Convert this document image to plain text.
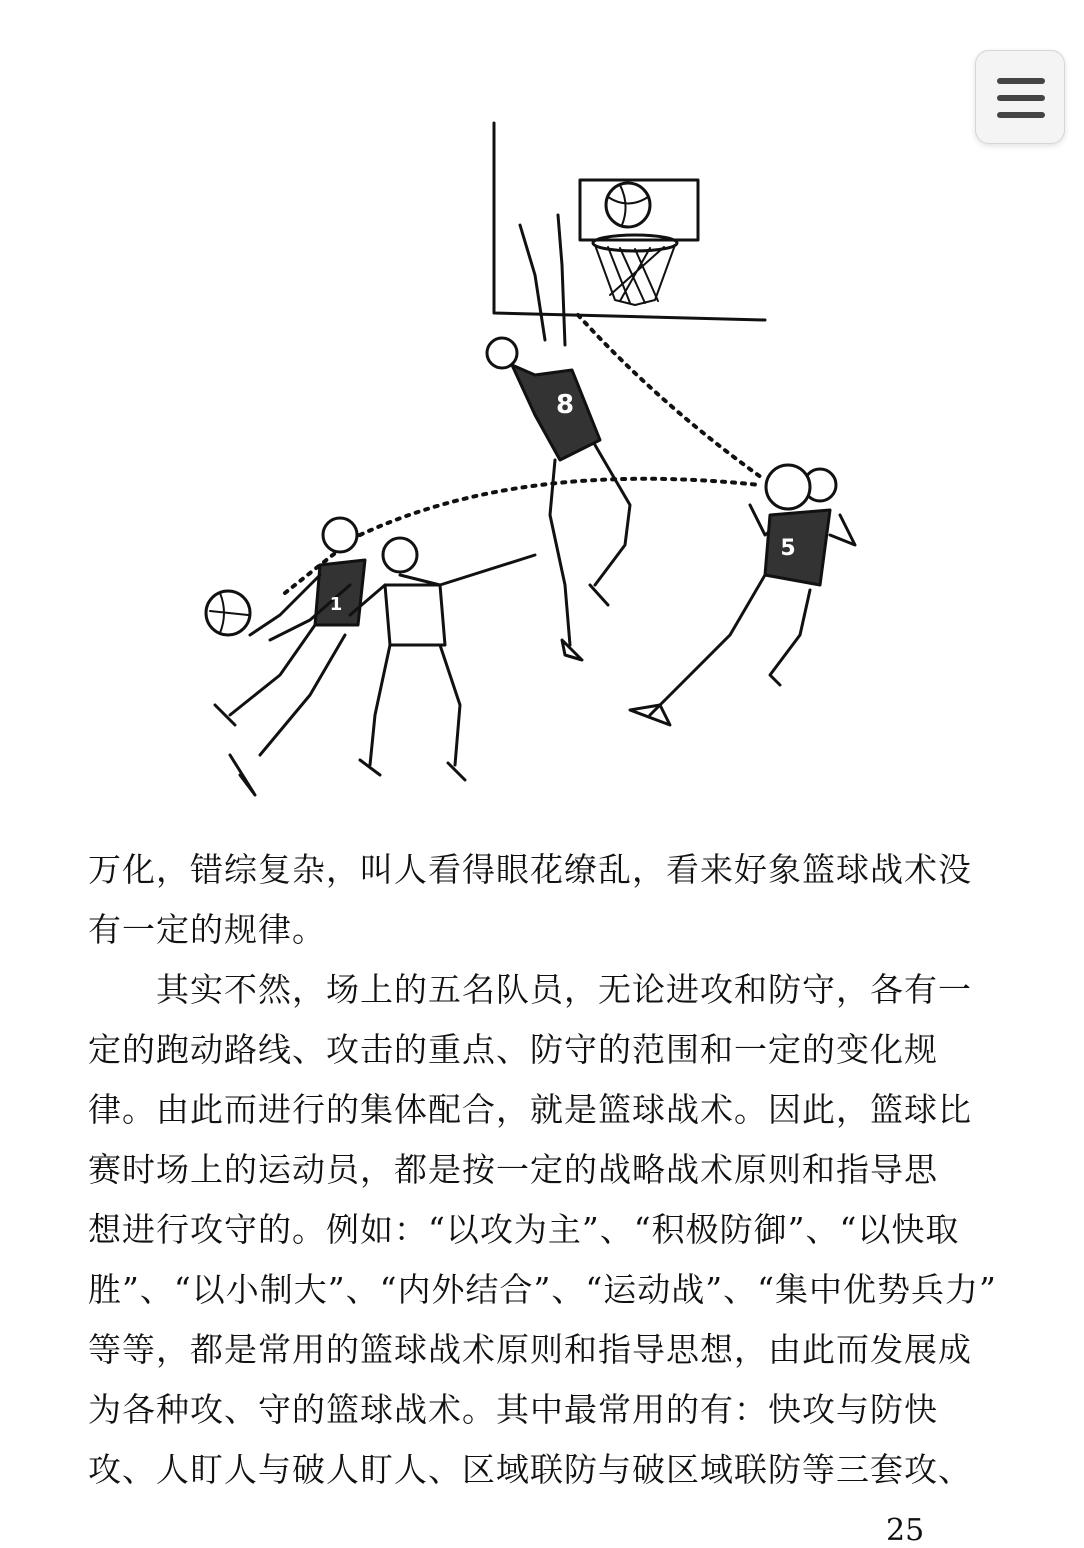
8
5
1
万化，错综复杂，叫人看得眼花缭乱，看来好象篮球战术没
有一定的规律。
其实不然，场上的五名队员，无论进攻和防守，各有一
定的跑动路线、攻击的重点、防守的范围和一定的变化规
律。由此而进行的集体配合，就是篮球战术。因此，篮球比
赛时场上的运动员，都是按一定的战略战术原则和指导思
想进行攻守的。例如：“以攻为主”、“积极防御”、“以快取
胜”、“以小制大”、“内外结合”、“运动战”、“集中优势兵力”
等等，都是常用的篮球战术原则和指导思想，由此而发展成
为各种攻、守的篮球战术。其中最常用的有：快攻与防快
攻、人盯人与破人盯人、区域联防与破区域联防等三套攻、
25
